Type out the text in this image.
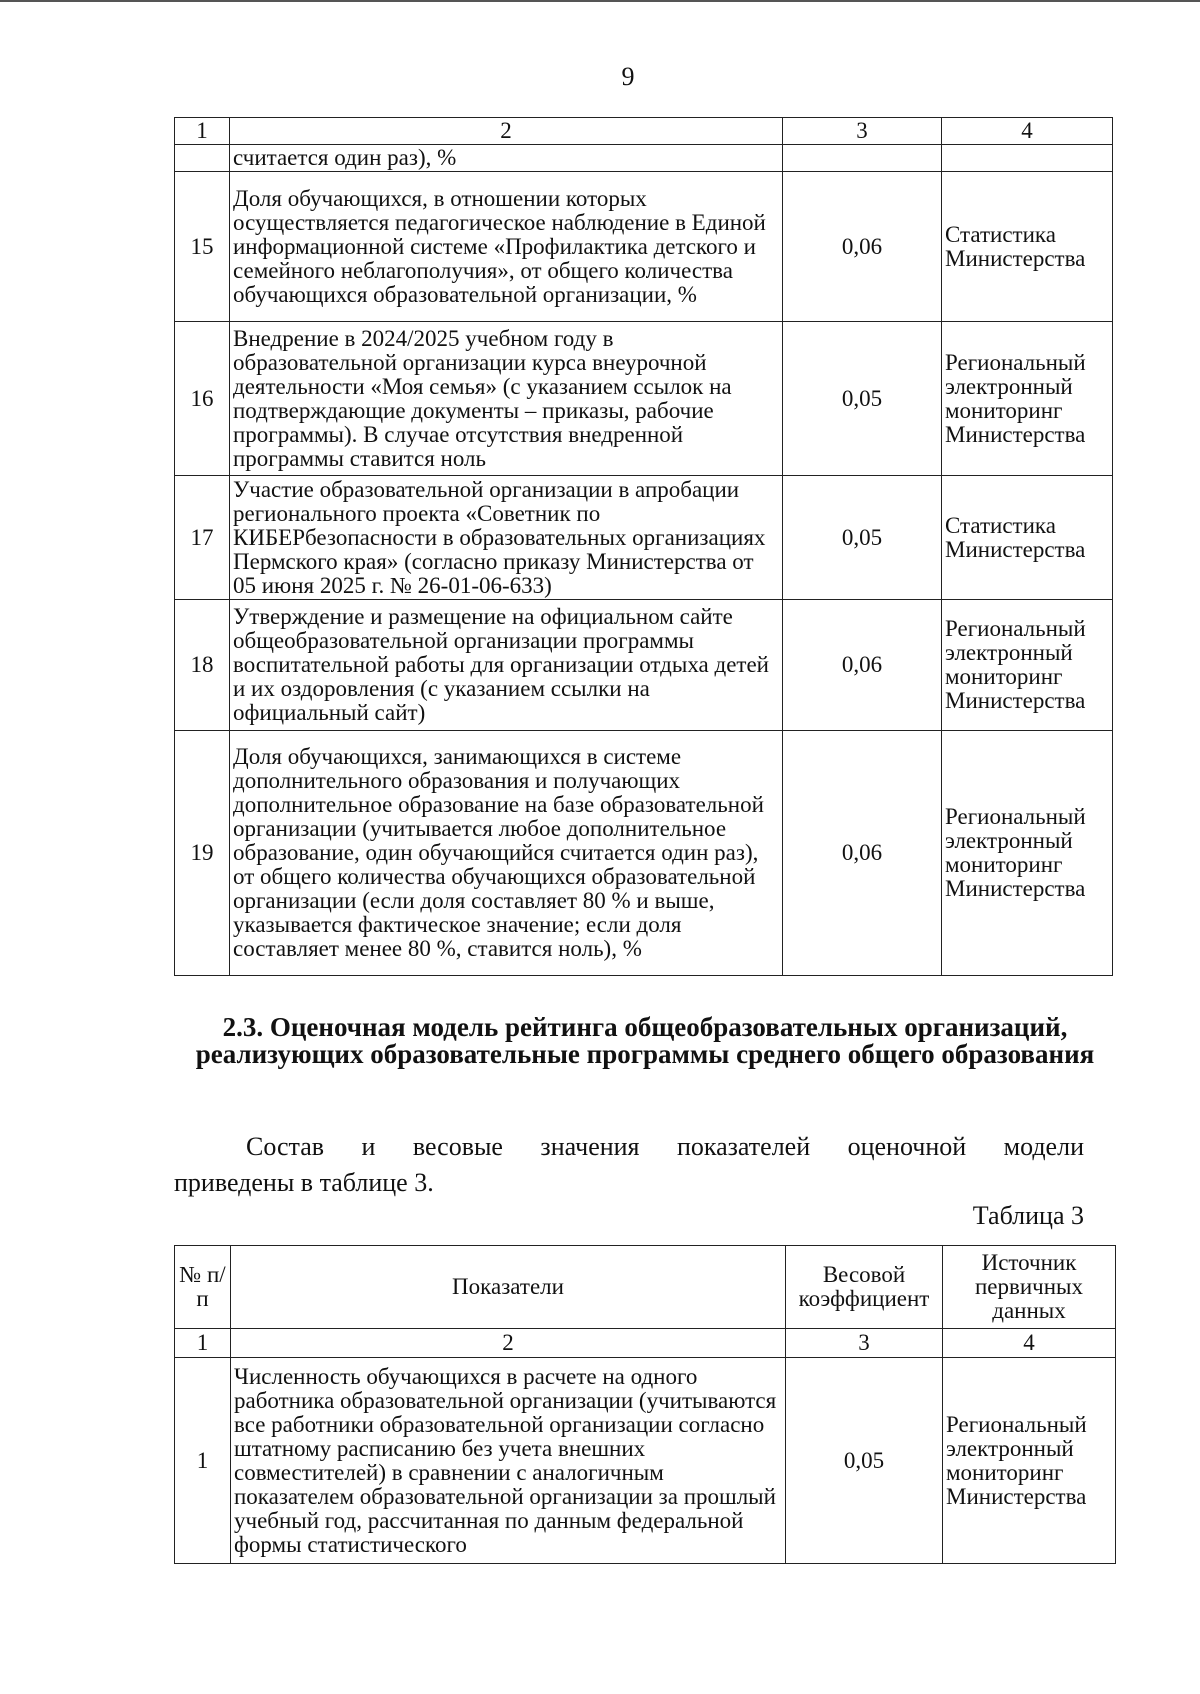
9
1	2	3	4
	считается один раз), %		
15	Доля обучающихся, в отношении которых осуществляется педагогическое наблюдение в Единой информационной системе «Профилактика детского и семейного неблагополучия», от общего количества обучающихся образовательной организации, %	0,06	Статистика Министерства
16	Внедрение в 2024/2025 учебном году в образовательной организации курса внеурочной деятельности «Моя семья» (с указанием ссылок на подтверждающие документы – приказы, рабочие программы). В случае отсутствия внедренной программы ставится ноль	0,05	Региональный электронный мониторинг Министерства
17	Участие образовательной организации в апробации регионального проекта «Советник по КИБЕРбезопасности в образовательных организациях Пермского края» (согласно приказу Министерства от 05 июня 2025 г. № 26-01-06-633)	0,05	Статистика Министерства
18	Утверждение и размещение на официальном сайте общеобразовательной организации программы воспитательной работы для организации отдыха детей и их оздоровления (с указанием ссылки на официальный сайт)	0,06	Региональный электронный мониторинг Министерства
19	Доля обучающихся, занимающихся в системе дополнительного образования и получающих дополнительное образование на базе образовательной организации (учитывается любое дополнительное образование, один обучающийся считается один раз), от общего количества обучающихся образовательной организации (если доля составляет 80 % и выше, указывается фактическое значение; если доля составляет менее 80 %, ставится ноль), %	0,06	Региональный электронный мониторинг Министерства
2.3. Оценочная модель рейтинга общеобразовательных организаций, реализующих образовательные программы среднего общего образования
Состав и весовые значения показателей оценочной модели
приведены в таблице 3.
Таблица 3
№ п/п	Показатели	Весовой коэффициент	Источник первичных данных
1	2	3	4
1	Численность обучающихся в расчете на одного работника образовательной организации (учитываются все работники образовательной организации согласно штатному расписанию без учета внешних совместителей) в сравнении с аналогичным показателем образовательной организации за прошлый учебный год, рассчитанная по данным федеральной формы статистического	0,05	Региональный электронный мониторинг Министерства
